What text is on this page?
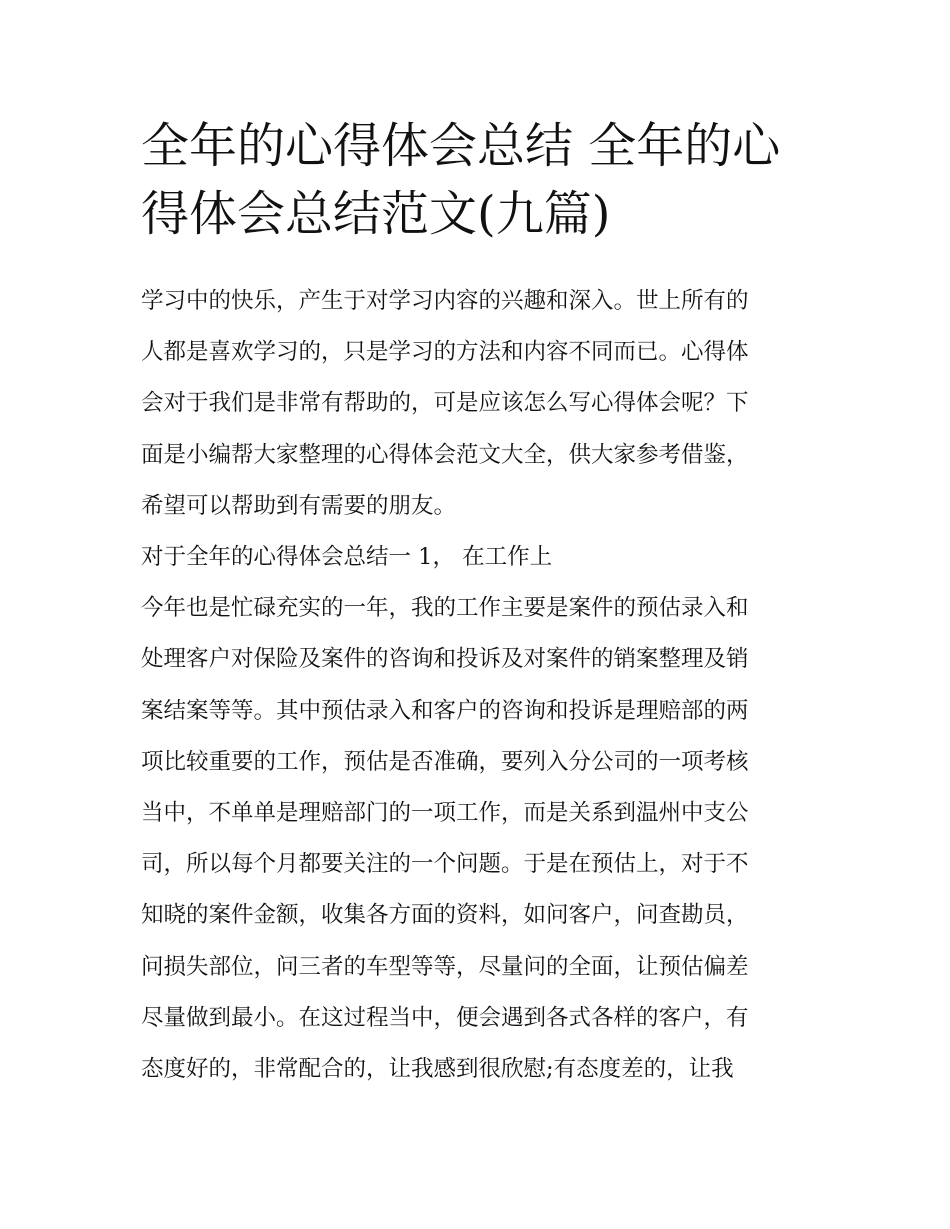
全年的心得体会总结 全年的心
得体会总结范文(九篇)

学习中的快乐，产生于对学习内容的兴趣和深入。世上所有的
人都是喜欢学习的，只是学习的方法和内容不同而已。心得体
会对于我们是非常有帮助的，可是应该怎么写心得体会呢？下
面是小编帮大家整理的心得体会范文大全，供大家参考借鉴，
希望可以帮助到有需要的朋友。

对于全年的心得体会总结一 1， 在工作上

今年也是忙碌充实的一年，我的工作主要是案件的预估录入和
处理客户对保险及案件的咨询和投诉及对案件的销案整理及销
案结案等等。其中预估录入和客户的咨询和投诉是理赔部的两
项比较重要的工作，预估是否准确，要列入分公司的一项考核
当中，不单单是理赔部门的一项工作，而是关系到温州中支公
司，所以每个月都要关注的一个问题。于是在预估上，对于不
知晓的案件金额，收集各方面的资料，如问客户，问查勘员，
问损失部位，问三者的车型等等，尽量问的全面，让预估偏差
尽量做到最小。在这过程当中，便会遇到各式各样的客户，有
态度好的，非常配合的，让我感到很欣慰;有态度差的，让我
